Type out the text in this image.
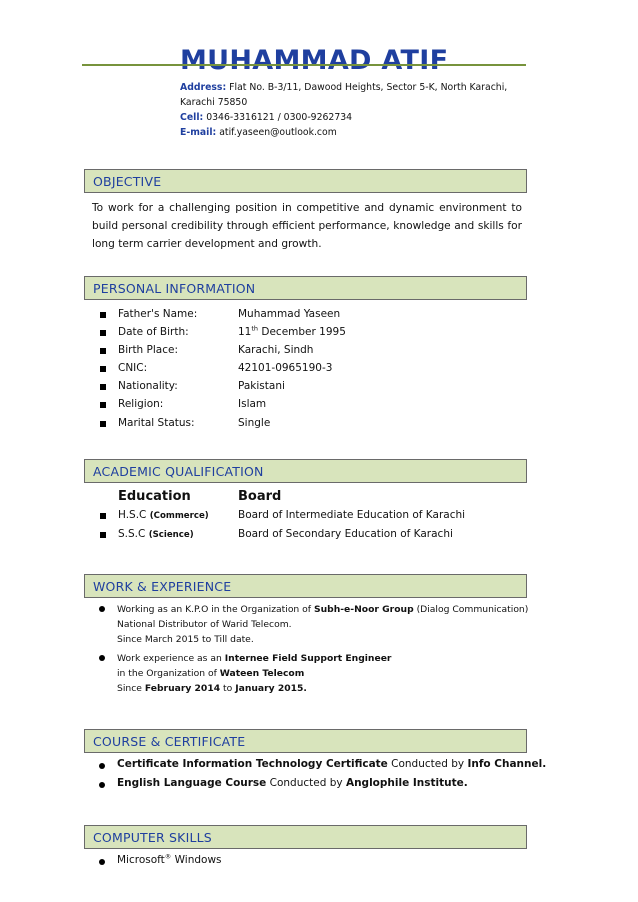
MUHAMMAD ATIF
Address: Flat No. B-3/11, Dawood Heights, Sector 5-K, North Karachi, Karachi 75850
Cell: 0346-3316121 / 0300-9262734
E-mail: atif.yaseen@outlook.com
OBJECTIVE
To work for a challenging position in competitive and dynamic environment to build personal credibility through efficient performance, knowledge and skills for long term carrier development and growth.
PERSONAL INFORMATION
Father's Name:	Muhammad Yaseen
Date of Birth:	11th December 1995
Birth Place:	Karachi, Sindh
CNIC:	42101-0965190-3
Nationality:	Pakistani
Religion:	Islam
Marital Status:	Single
ACADEMIC QUALIFICATION
Education	Board
H.S.C (Commerce)	Board of Intermediate Education of Karachi
S.S.C (Science)	Board of Secondary Education of Karachi
WORK & EXPERIENCE
Working as an K.P.O in the Organization of Subh-e-Noor Group (Dialog Communication)
National Distributor of Warid Telecom.
Since March 2015 to Till date.
Work experience as an Internee Field Support Engineer
in the Organization of Wateen Telecom
Since February 2014 to January 2015.
COURSE & CERTIFICATE
Certificate Information Technology Certificate Conducted by Info Channel.
English Language Course Conducted by Anglophile Institute.
COMPUTER SKILLS
Microsoft® Windows
